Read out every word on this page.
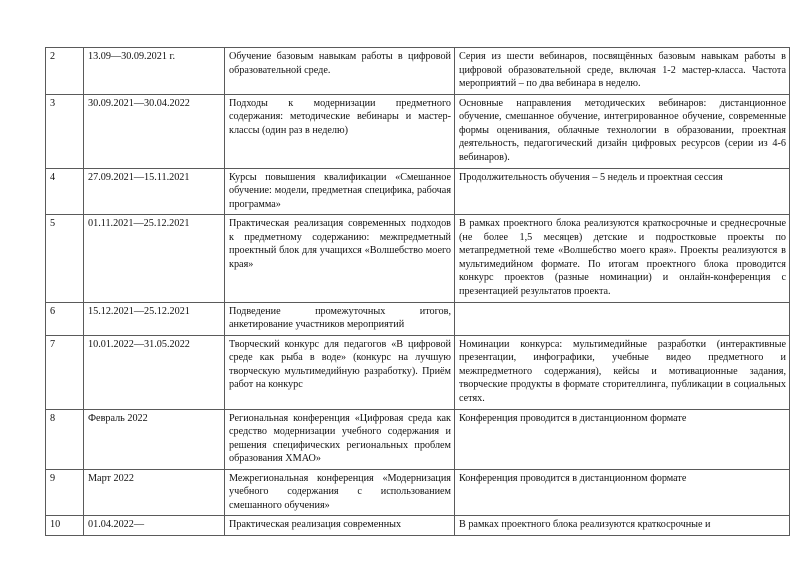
2	13.09—30.09.2021 г.	Обучение базовым навыкам работы в цифровой образовательной среде.	Серия из шести вебинаров, посвящённых базовым навыкам работы в цифровой образовательной среде, включая 1-2 мастер-класса. Частота мероприятий – по два вебинара в неделю.
3	30.09.2021—30.04.2022	Подходы к модернизации предметного содержания: методические вебинары и мастер-классы (один раз в неделю)	Основные направления методических вебинаров: дистанционное обучение, смешанное обучение, интегрированное обучение, современные формы оценивания, облачные технологии в образовании, проектная деятельность, педагогический дизайн цифровых ресурсов (серии из 4-6 вебинаров).
4	27.09.2021—15.11.2021	Курсы повышения квалификации «Смешанное обучение: модели, предметная специфика, рабочая программа»	Продолжительность обучения – 5 недель и проектная сессия
5	01.11.2021—25.12.2021	Практическая реализация современных подходов к предметному содержанию: межпредметный проектный блок для учащихся «Волшебство моего края»	В рамках проектного блока реализуются краткосрочные и среднесрочные (не более 1,5 месяцев) детские и подростковые проекты по метапредметной теме «Волшебство моего края». Проекты реализуются в мультимедийном формате. По итогам проектного блока проводится конкурс проектов (разные номинации) и онлайн-конференция с презентацией результатов проекта.
6	15.12.2021—25.12.2021	Подведение промежуточных итогов, анкетирование участников мероприятий	
7	10.01.2022—31.05.2022	Творческий конкурс для педагогов «В цифровой среде как рыба в воде» (конкурс на лучшую творческую мультимедийную разработку). Приём работ на конкурс	Номинации конкурса: мультимедийные разработки (интерактивные презентации, инфографики, учебные видео предметного и межпредметного содержания), кейсы и мотивационные задания, творческие продукты в формате сторителлинга, публикации в социальных сетях.
8	Февраль 2022	Региональная конференция «Цифровая среда как средство модернизации учебного содержания и решения специфических региональных проблем образования ХМАО»	Конференция проводится в дистанционном формате
9	Март 2022	Межрегиональная конференция «Модернизация учебного содержания с использованием смешанного обучения»	Конференция проводится в дистанционном формате
10	01.04.2022—	Практическая реализация современных	В рамках проектного блока реализуются краткосрочные и
